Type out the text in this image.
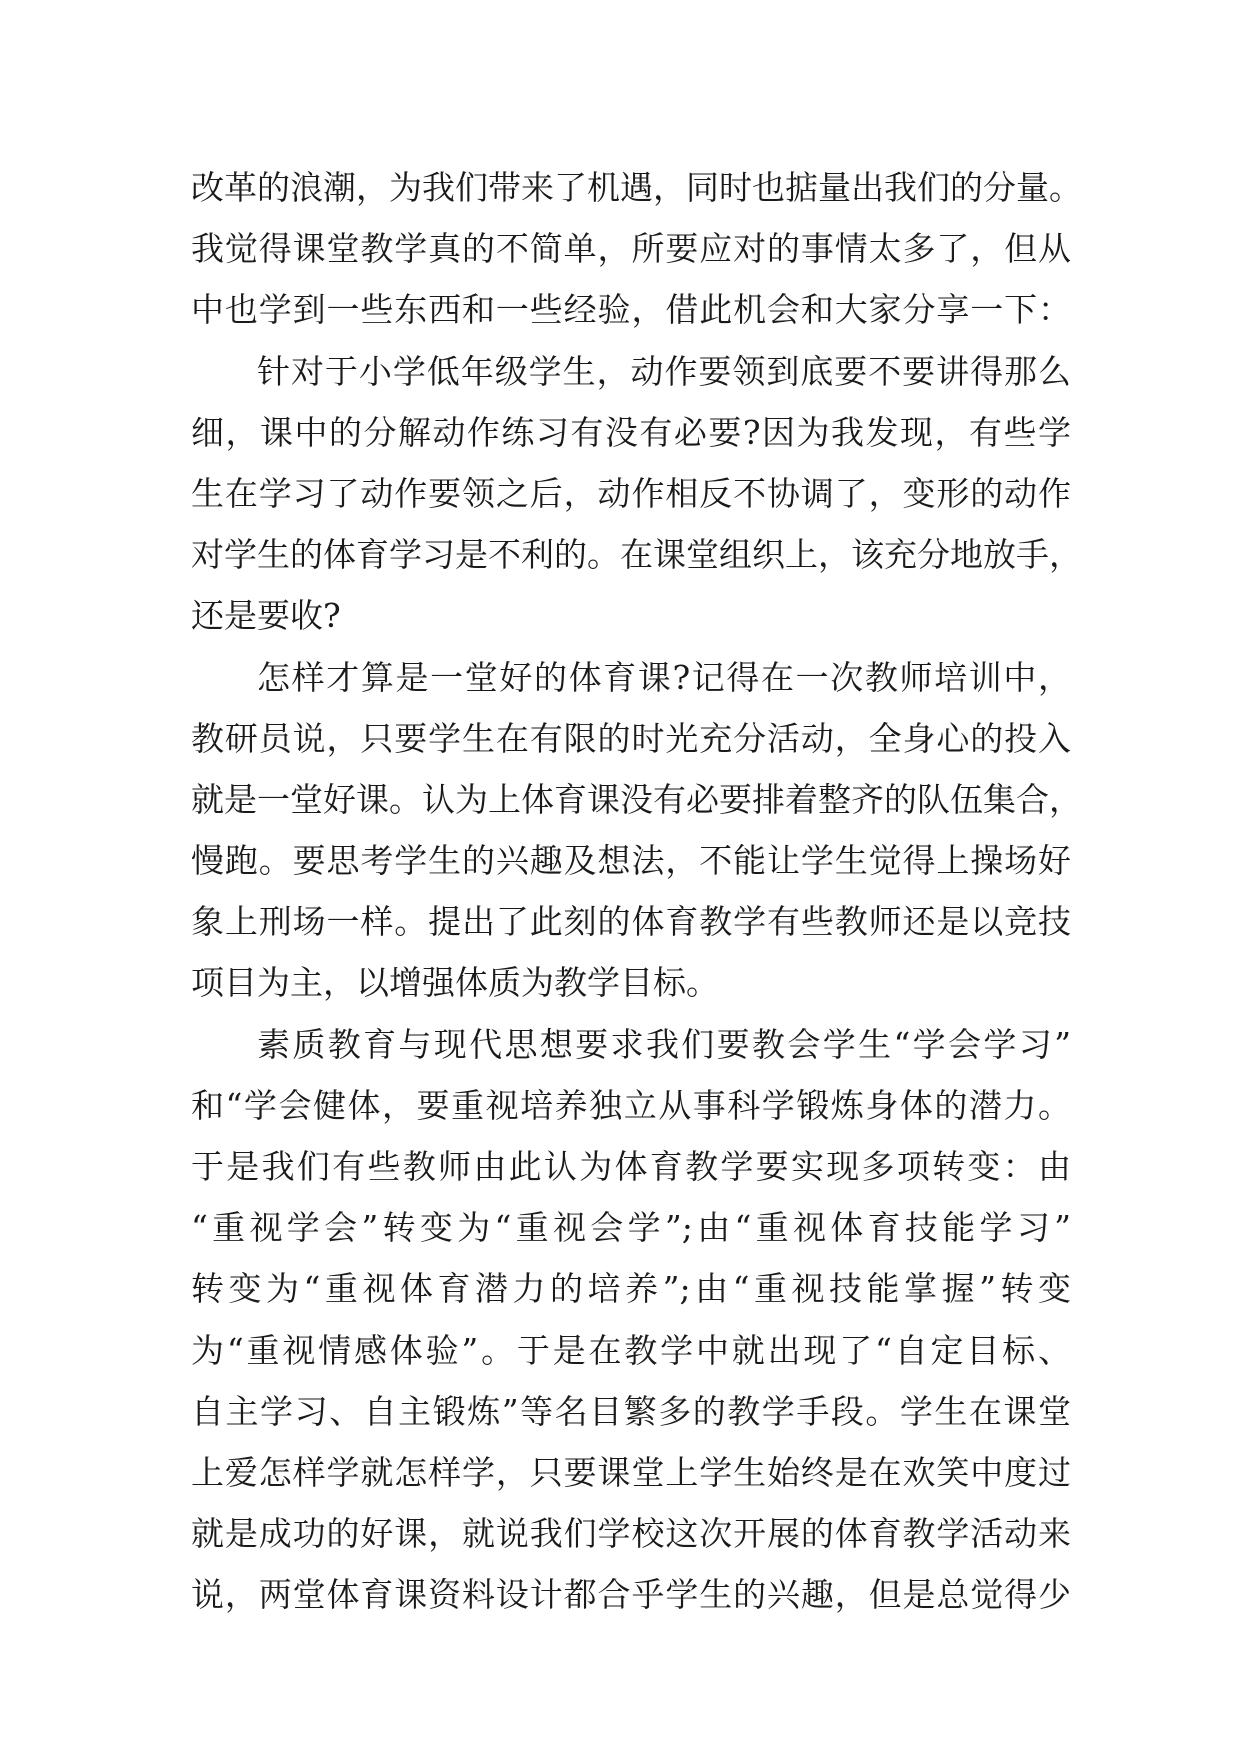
改革的浪潮，为我们带来了机遇，同时也掂量出我们的分量。
我觉得课堂教学真的不简单，所要应对的事情太多了，但从
中也学到一些东西和一些经验，借此机会和大家分享一下：
针对于小学低年级学生，动作要领到底要不要讲得那么
细，课中的分解动作练习有没有必要?因为我发现，有些学
生在学习了动作要领之后，动作相反不协调了，变形的动作
对学生的体育学习是不利的。在课堂组织上，该充分地放手，
还是要收?
怎样才算是一堂好的体育课?记得在一次教师培训中，
教研员说，只要学生在有限的时光充分活动，全身心的投入
就是一堂好课。认为上体育课没有必要排着整齐的队伍集合，
慢跑。要思考学生的兴趣及想法，不能让学生觉得上操场好
象上刑场一样。提出了此刻的体育教学有些教师还是以竞技
项目为主，以增强体质为教学目标。
素质教育与现代思想要求我们要教会学生“学会学习”
和“学会健体，要重视培养独立从事科学锻炼身体的潜力。
于是我们有些教师由此认为体育教学要实现多项转变：由
“重视学会”转变为“重视会学”;由“重视体育技能学习”
转变为“重视体育潜力的培养”;由“重视技能掌握”转变
为“重视情感体验”。于是在教学中就出现了“自定目标、
自主学习、自主锻炼”等名目繁多的教学手段。学生在课堂
上爱怎样学就怎样学，只要课堂上学生始终是在欢笑中度过
就是成功的好课，就说我们学校这次开展的体育教学活动来
说，两堂体育课资料设计都合乎学生的兴趣，但是总觉得少
